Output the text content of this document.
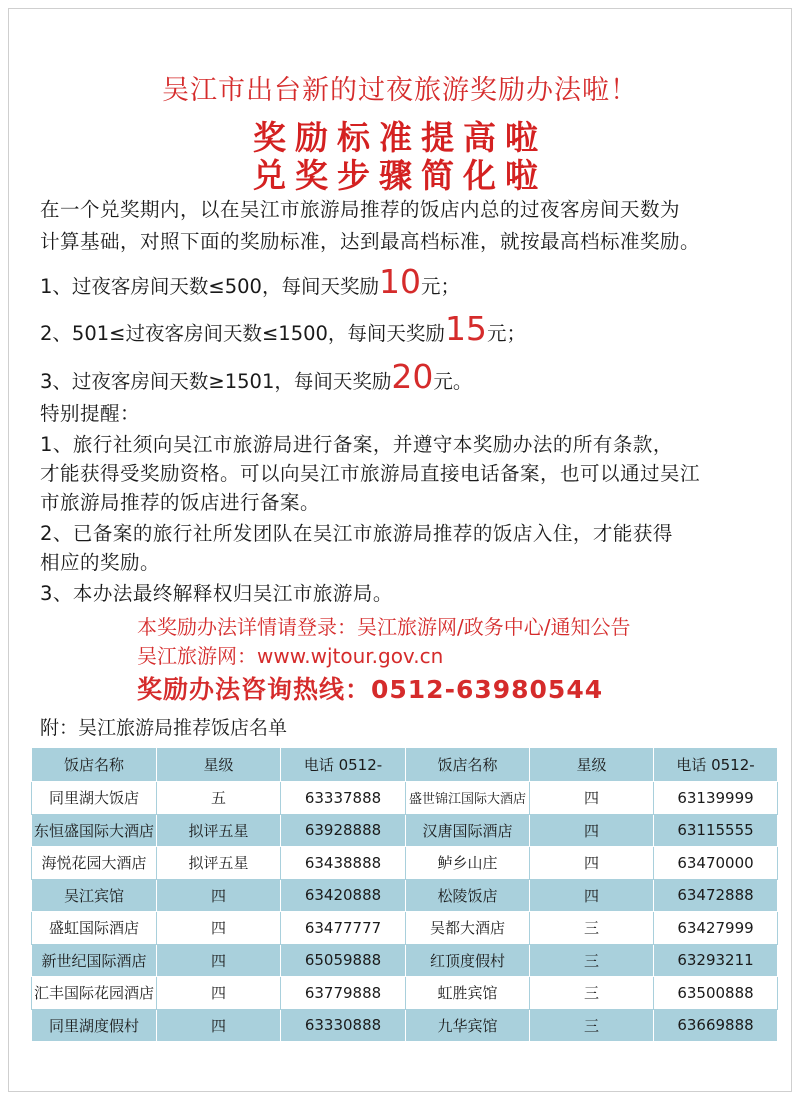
吴江市出台新的过夜旅游奖励办法啦！
奖励标准提高啦
兑奖步骤简化啦
在一个兑奖期内，以在吴江市旅游局推荐的饭店内总的过夜客房间天数为
计算基础，对照下面的奖励标准，达到最高档标准，就按最高档标准奖励。
1、过夜客房间天数≤500，每间天奖励10元；
2、501≤过夜客房间天数≤1500，每间天奖励15元；
3、过夜客房间天数≥1501，每间天奖励20元。
特别提醒：
1、旅行社须向吴江市旅游局进行备案，并遵守本奖励办法的所有条款，
才能获得受奖励资格。可以向吴江市旅游局直接电话备案，也可以通过吴江
市旅游局推荐的饭店进行备案。
2、已备案的旅行社所发团队在吴江市旅游局推荐的饭店入住，才能获得
相应的奖励。
3、本办法最终解释权归吴江市旅游局。
本奖励办法详情请登录：吴江旅游网/政务中心/通知公告
吴江旅游网：www.wjtour.gov.cn
奖励办法咨询热线：0512-63980544
附：吴江旅游局推荐饭店名单
饭店名称	星级	电话 0512-	饭店名称	星级	电话 0512-
同里湖大饭店	五	63337888	盛世锦江国际大酒店	四	63139999
东恒盛国际大酒店	拟评五星	63928888	汉唐国际酒店	四	63115555
海悦花园大酒店	拟评五星	63438888	鲈乡山庄	四	63470000
吴江宾馆	四	63420888	松陵饭店	四	63472888
盛虹国际酒店	四	63477777	吴都大酒店	三	63427999
新世纪国际酒店	四	65059888	红顶度假村	三	63293211
汇丰国际花园酒店	四	63779888	虹胜宾馆	三	63500888
同里湖度假村	四	63330888	九华宾馆	三	63669888
